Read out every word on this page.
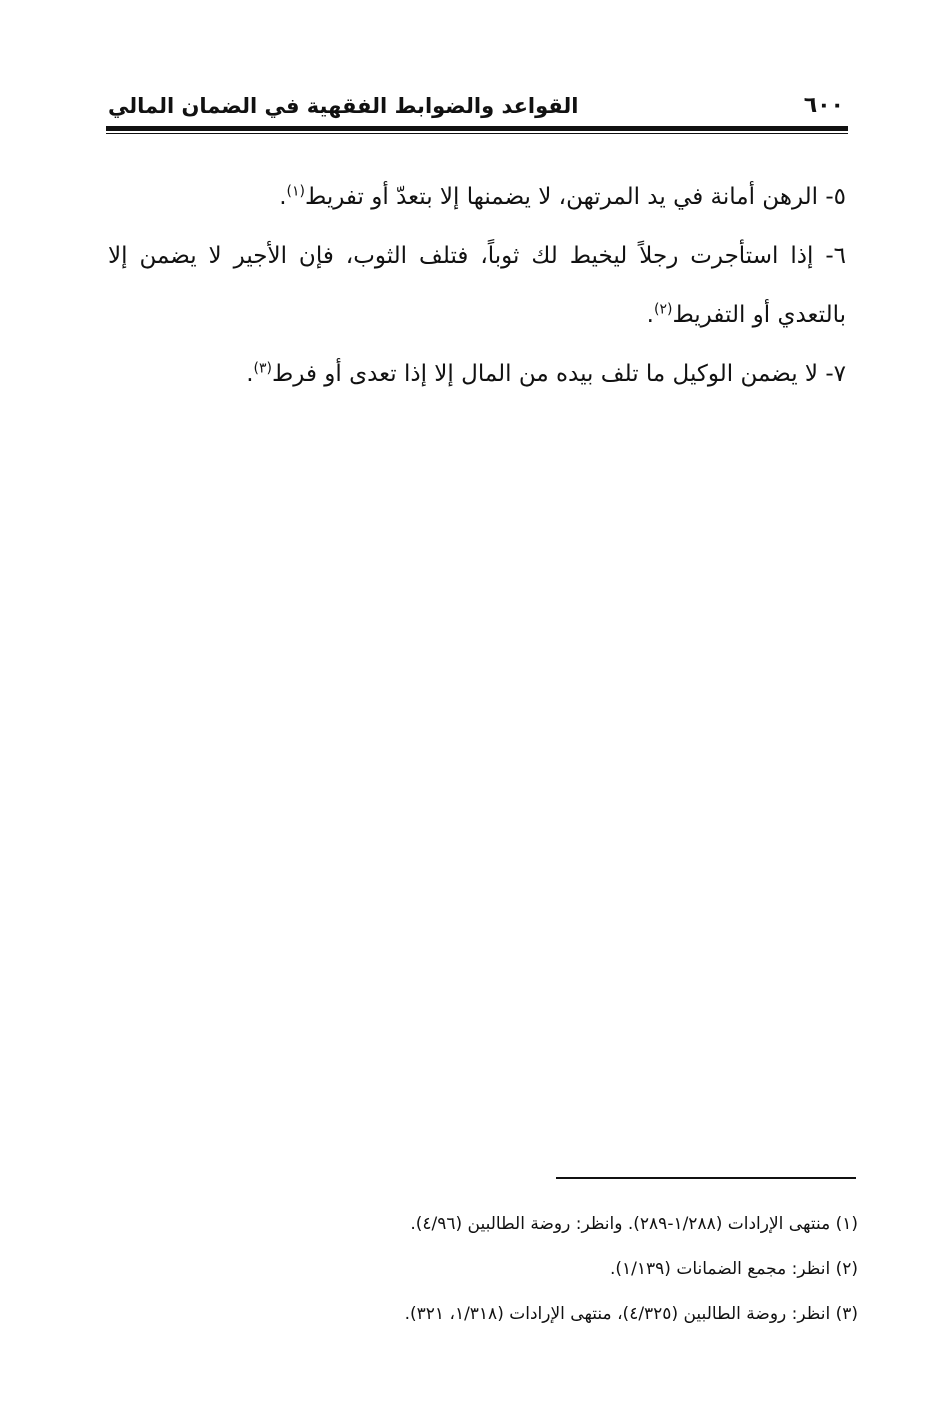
القواعد والضوابط الفقهية في الضمان المالي	٦٠٠

٥- الرهن أمانة في يد المرتهن، لا يضمنها إلا بتعدّ أو تفريط$^{(١)}$.

٦- إذا استأجرت رجلاً ليخيط لك ثوباً، فتلف الثوب، فإن الأجير لا يضمن إلا بالتعدي أو التفريط$^{(٢)}$.

٧- لا يضمن الوكيل ما تلف بيده من المال إلا إذا تعدى أو فرط$^{(٣)}$.

(١) منتهى الإرادات (١/٢٨٨-٢٨٩). وانظر: روضة الطالبين (٤/٩٦).

(٢) انظر: مجمع الضمانات (١/١٣٩).

(٣) انظر: روضة الطالبين (٤/٣٢٥)، منتهى الإرادات (١/٣١٨، ٣٢١).
